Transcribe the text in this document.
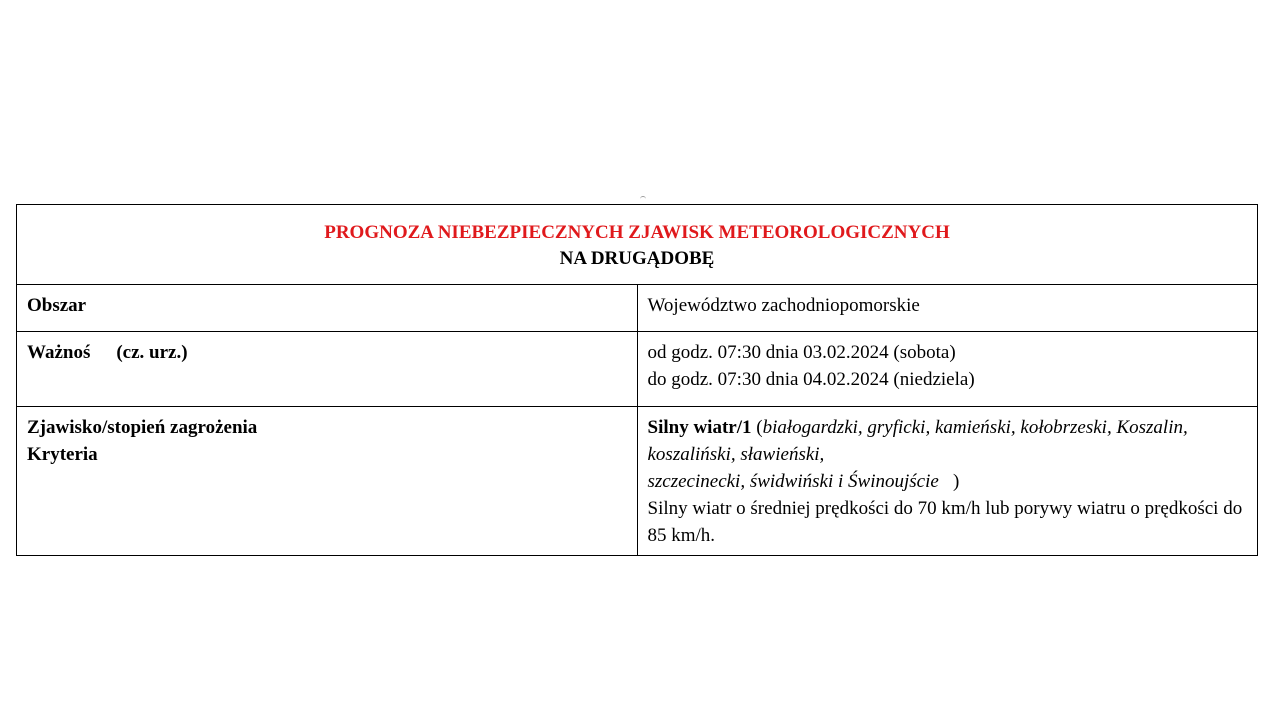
PROGNOZA NIEBEZPIECZNYCH ZJAWISK METEOROLOGICZNYCH
NA DRUGĄDOBĘ	

Obszar	Województwo zachodniopomorskie
Ważnoś (cz. urz.)	od godz. 07:30 dnia 03.02.2024 (sobota)
do godz. 07:30 dnia 04.02.2024 (niedziela)

Zjawisko/stopień zagrożenia
Kryteria	Silny wiatr/1 (białogardzki, gryficki, kamieński, kołobrzeski, Koszalin, koszaliński, sławieński,
szczecinecki, świdwiński i Świnoujście   )
Silny wiatr o średniej prędkości do 70 km/h lub porywy wiatru o prędkości do 85 km/h.
